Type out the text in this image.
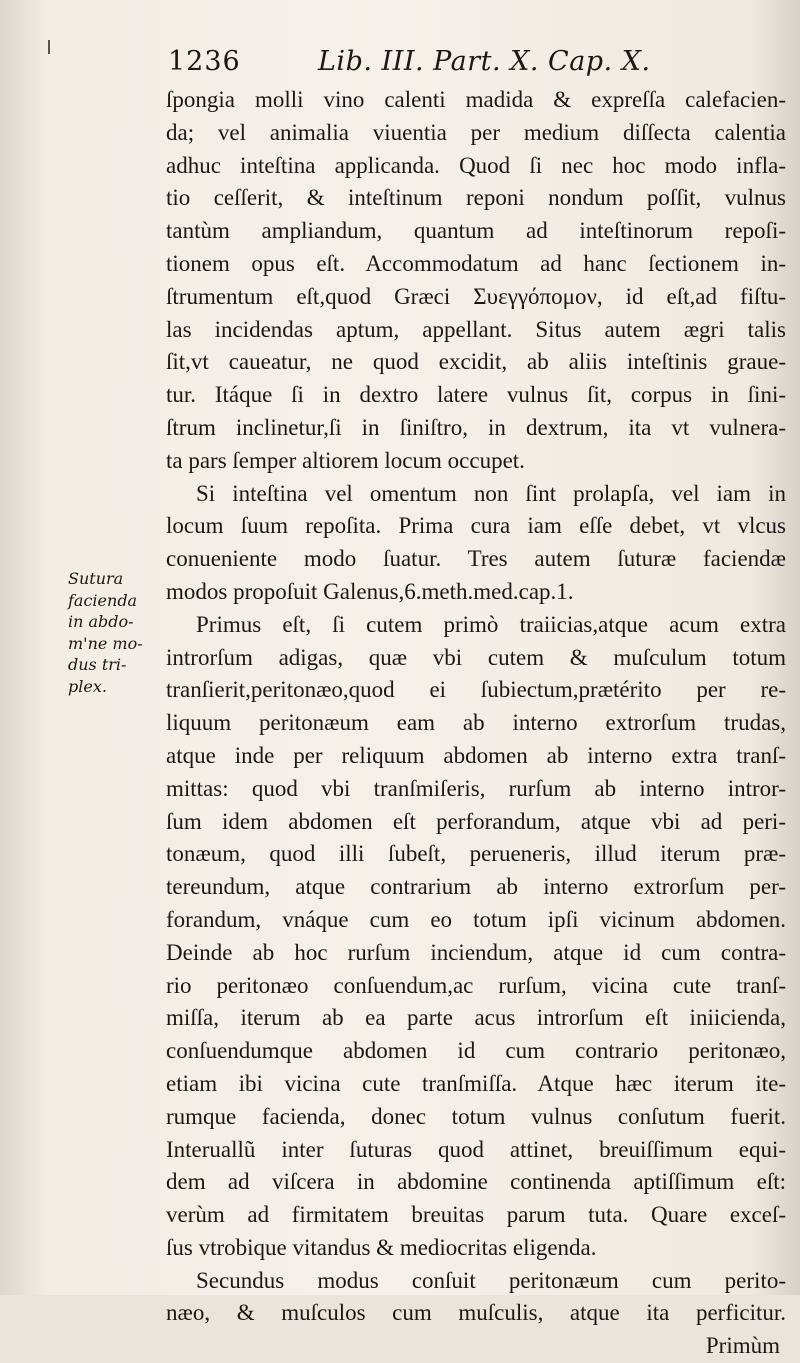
1236	Lib. III. Part. X. Cap. X.
Sutura
facienda
in abdo-
m'ne mo-
dus tri-
plex.
ſpongia molli vino calenti madida & expreſſa calefacien-
da; vel animalia viuentia per medium diſſecta calentia
adhuc inteſtina applicanda. Quod ſi nec hoc modo infla-
tio ceſſerit, & inteſtinum reponi nondum poſſit, vulnus
tantùm ampliandum, quantum ad inteſtinorum repoſi-
tionem opus eſt. Accommodatum ad hanc ſectionem in-
ſtrumentum eſt,quod Græci Συεγγόπομον, id eſt,ad fiſtu-
las incidendas aptum, appellant. Situs autem ægri talis
ſit,vt caueatur, ne quod excidit, ab aliis inteſtinis graue-
tur. Itáque ſi in dextro latere vulnus ſit, corpus in ſini-
ſtrum inclinetur,ſi in ſiniſtro, in dextrum, ita vt vulnera-
ta pars ſemper altiorem locum occupet.
Si inteſtina vel omentum non ſint prolapſa, vel iam in
locum ſuum repoſita. Prima cura iam eſſe debet, vt vlcus
conueniente modo ſuatur. Tres autem ſuturæ faciendæ
modos propoſuit Galenus,6.meth.med.cap.1.
Primus eſt, ſi cutem primò traiicias,atque acum extra
introrſum adigas, quæ vbi cutem & muſculum totum
tranſierit,peritonæo,quod ei ſubiectum,prætérito per re-
liquum peritonæum eam ab interno extrorſum trudas,
atque inde per reliquum abdomen ab interno extra tranſ-
mittas: quod vbi tranſmiſeris, rurſum ab interno intror-
ſum idem abdomen eſt perforandum, atque vbi ad peri-
tonæum, quod illi ſubeſt, perueneris, illud iterum præ-
tereundum, atque contrarium ab interno extrorſum per-
forandum, vnáque cum eo totum ipſi vicinum abdomen.
Deinde ab hoc rurſum inciendum, atque id cum contra-
rio peritonæo conſuendum,ac rurſum, vicina cute tranſ-
miſſa, iterum ab ea parte acus introrſum eſt iniicienda,
conſuendumque abdomen id cum contrario peritonæo,
etiam ibi vicina cute tranſmiſſa. Atque hæc iterum ite-
rumque facienda, donec totum vulnus conſutum fuerit.
Interuallũ inter ſuturas quod attinet, breuiſſimum equi-
dem ad viſcera in abdomine continenda aptiſſimum eſt:
verùm ad firmitatem breuitas parum tuta. Quare exceſ-
ſus vtrobique vitandus & mediocritas eligenda.
Secundus modus conſuit peritonæum cum perito-
næo, & muſculos cum muſculis, atque ita perficitur.
Primùm
